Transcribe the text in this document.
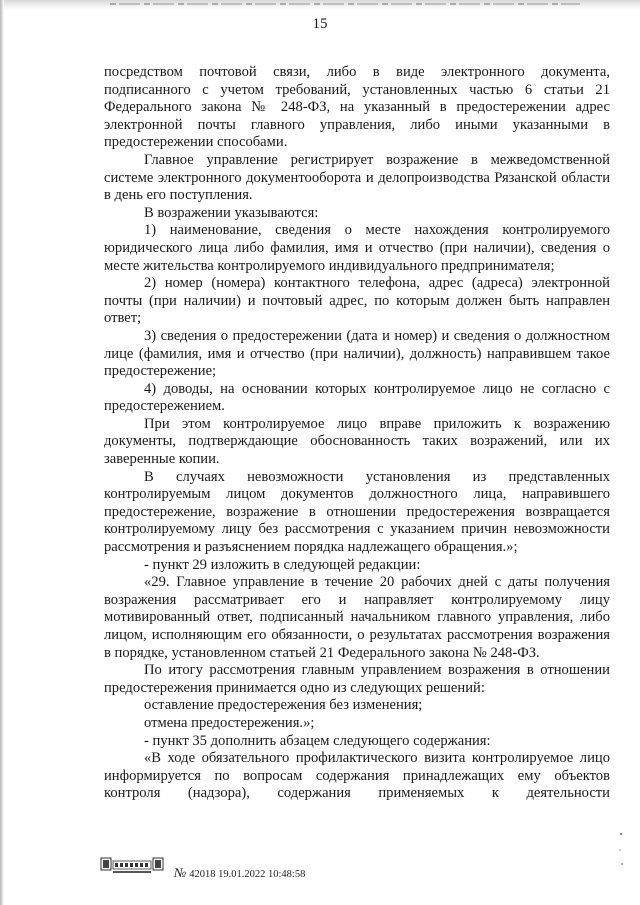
15

посредством почтовой связи, либо в виде электронного документа, подписанного с учетом требований, установленных частью 6 статьи 21 Федерального закона № 248-ФЗ, на указанный в предостережении адрес электронной почты главного управления, либо иными указанными в предостережении способами.

Главное управление регистрирует возражение в межведомственной системе электронного документооборота и делопроизводства Рязанской области в день его поступления.

В возражении указываются:

1) наименование, сведения о месте нахождения контролируемого юридического лица либо фамилия, имя и отчество (при наличии), сведения о месте жительства контролируемого индивидуального предпринимателя;

2) номер (номера) контактного телефона, адрес (адреса) электронной почты (при наличии) и почтовый адрес, по которым должен быть направлен ответ;

3) сведения о предостережении (дата и номер) и сведения о должностном лице (фамилия, имя и отчество (при наличии), должность) направившем такое предостережение;

4) доводы, на основании которых контролируемое лицо не согласно с предостережением.

При этом контролируемое лицо вправе приложить к возражению документы, подтверждающие обоснованность таких возражений, или их заверенные копии.

В случаях невозможности установления из представленных контролируемым лицом документов должностного лица, направившего предостережение, возражение в отношении предостережения возвращается контролируемому лицу без рассмотрения с указанием причин невозможности рассмотрения и разъяснением порядка надлежащего обращения.»;

- пункт 29 изложить в следующей редакции:

«29. Главное управление в течение 20 рабочих дней с даты получения возражения рассматривает его и направляет контролируемому лицу мотивированный ответ, подписанный начальником главного управления, либо лицом, исполняющим его обязанности, о результатах рассмотрения возражения в порядке, установленном статьей 21 Федерального закона № 248-ФЗ.

По итогу рассмотрения главным управлением возражения в отношении предостережения принимается одно из следующих решений:

оставление предостережения без изменения;

отмена предостережения.»;

- пункт 35 дополнить абзацем следующего содержания:

«В ходе обязательного профилактического визита контролируемое лицо информируется по вопросам содержания принадлежащих ему объектов контроля (надзора), содержания применяемых к деятельности

№ 42018 19.01.2022 10:48:58
